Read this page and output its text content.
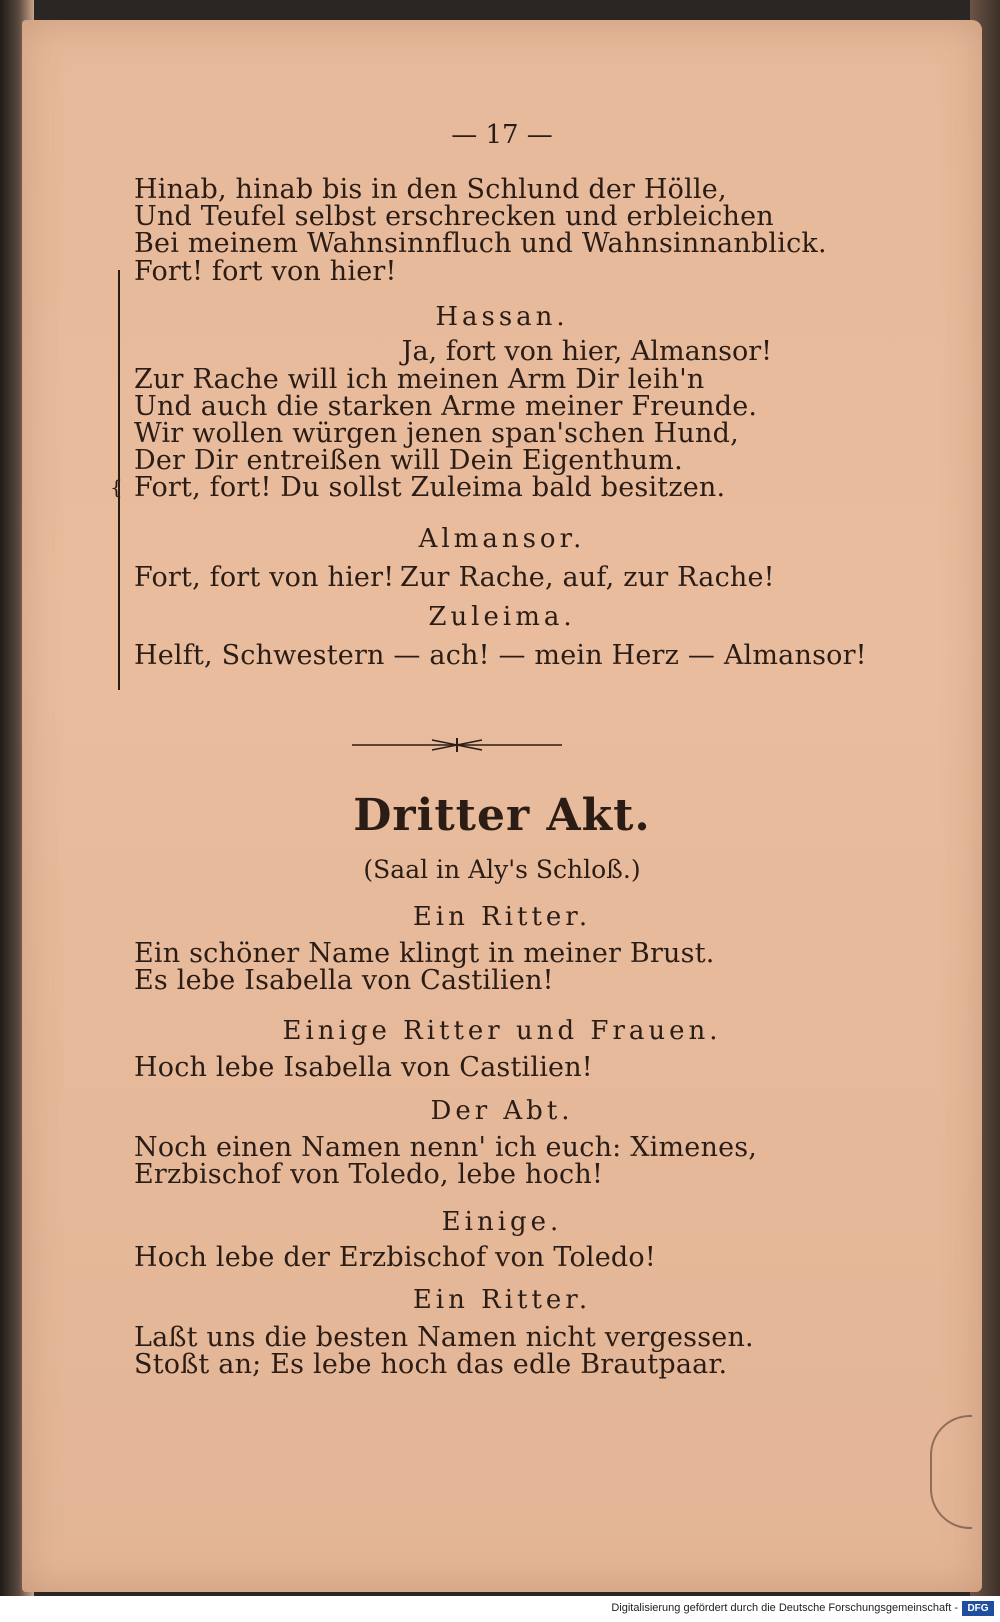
— 17 —
Hinab, hinab bis in den Schlund der Hölle,
Und Teufel selbst erschrecken und erbleichen
Bei meinem Wahnsinnfluch und Wahnsinnanblick.
Fort! fort von hier!
{
Hassan.
Ja, fort von hier, Almansor!
Zur Rache will ich meinen Arm Dir leih'n
Und auch die starken Arme meiner Freunde.
Wir wollen würgen jenen span'schen Hund,
Der Dir entreißen will Dein Eigenthum.
Fort, fort! Du sollst Zuleima bald besitzen.
Almansor.
Fort, fort von hier! Zur Rache, auf, zur Rache!
Zuleima.
Helft, Schwestern — ach! — mein Herz — Almansor!
Dritter Akt.
(Saal in Aly's Schloß.)
Ein Ritter.
Ein schöner Name klingt in meiner Brust.
Es lebe Isabella von Castilien!
Einige Ritter und Frauen.
Hoch lebe Isabella von Castilien!
Der Abt.
Noch einen Namen nenn' ich euch: Ximenes,
Erzbischof von Toledo, lebe hoch!
Einige.
Hoch lebe der Erzbischof von Toledo!
Ein Ritter.
Laßt uns die besten Namen nicht vergessen.
Stoßt an; Es lebe hoch das edle Brautpaar.
Digitalisierung gefördert durch die Deutsche Forschungsgemeinschaft - DFG
